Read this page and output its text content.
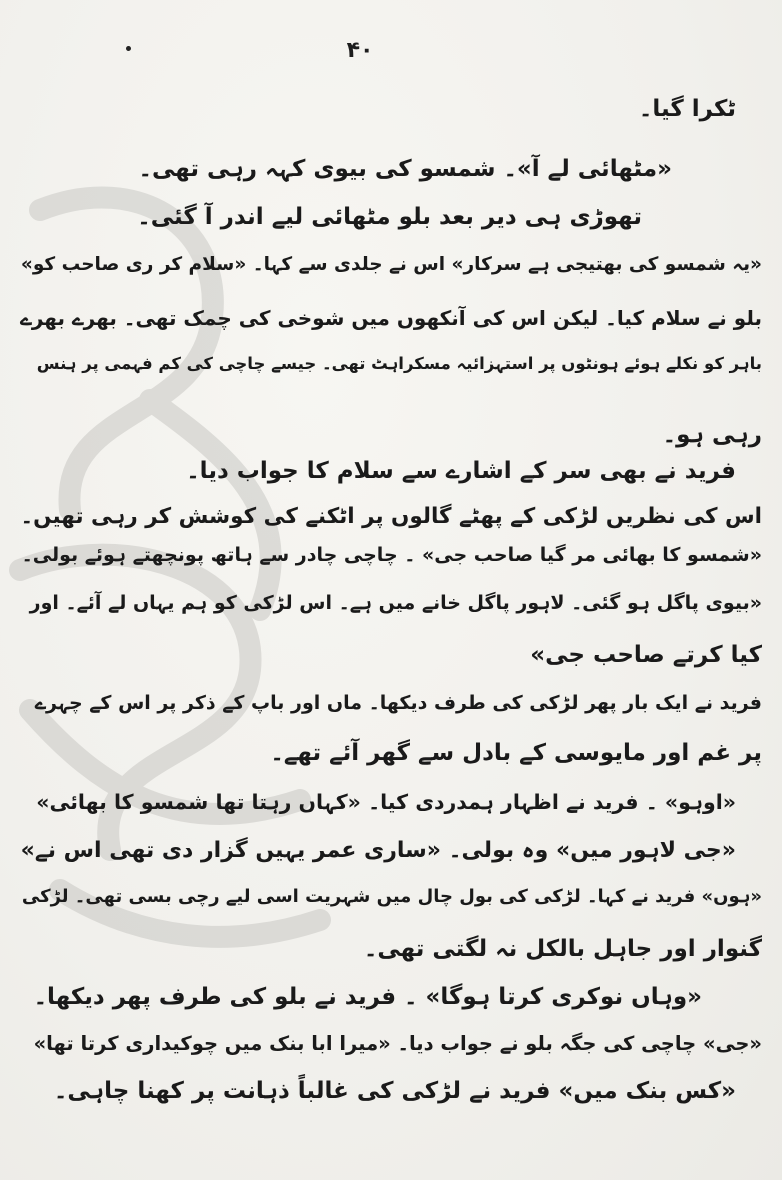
۴۰
ٹکرا گیا۔
«مٹھائی لے آ»۔ شمسو کی بیوی کہہ رہی تھی۔
تھوڑی ہی دیر بعد بلو مٹھائی لیے اندر آ گئی۔
«یہ شمسو کی بھتیجی ہے سرکار» اس نے جلدی سے کہا۔ «سلام کر ری صاحب کو»
بلو نے سلام کیا۔ لیکن اس کی آنکھوں میں شوخی کی چمک تھی۔ بھرے بھرے
باہر کو نکلے ہوئے ہونٹوں پر استہزائیہ مسکراہٹ تھی۔ جیسے چاچی کی کم فہمی پر ہنس
رہی ہو۔
فرید نے بھی سر کے اشارے سے سلام کا جواب دیا۔
اس کی نظریں لڑکی کے پھٹے گالوں پر اٹکنے کی کوشش کر رہی تھیں۔
«شمسو کا بھائی مر گیا صاحب جی» ۔ چاچی چادر سے ہاتھ پونچھتے ہوئے بولی۔
«بیوی پاگل ہو گئی۔ لاہور پاگل خانے میں ہے۔ اس لڑکی کو ہم یہاں لے آئے۔ اور
کیا کرتے صاحب جی»
فرید نے ایک بار پھر لڑکی کی طرف دیکھا۔ ماں اور باپ کے ذکر پر اس کے چہرے
پر غم اور مایوسی کے بادل سے گھر آئے تھے۔
«اوہو» ۔ فرید نے اظہار ہمدردی کیا۔ «کہاں رہتا تھا شمسو کا بھائی»
«جی لاہور میں» وہ بولی۔ «ساری عمر یہیں گزار دی تھی اس نے»
«ہوں» فرید نے کہا۔ لڑکی کی بول چال میں شہریت اسی لیے رچی بسی تھی۔ لڑکی
گنوار اور جاہل بالکل نہ لگتی تھی۔
«وہاں نوکری کرتا ہوگا» ۔ فرید نے بلو کی طرف پھر دیکھا۔
«جی» چاچی کی جگہ بلو نے جواب دیا۔ «میرا ابا بنک میں چوکیداری کرتا تھا»
«کس بنک میں» فرید نے لڑکی کی غالباً ذہانت پر کھنا چاہی۔
